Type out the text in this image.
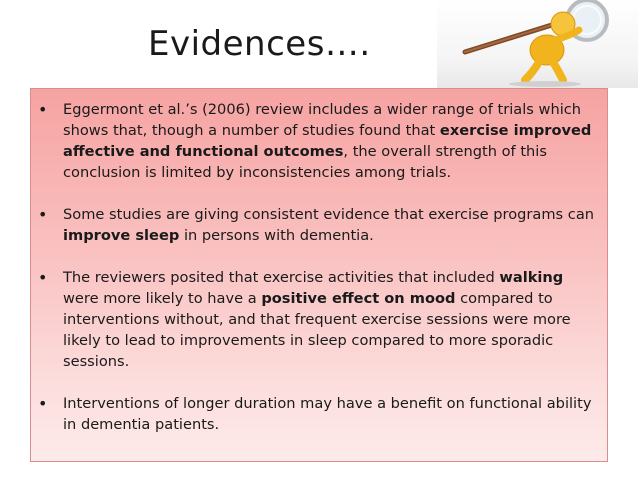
Evidences….
• Eggermont et al.’s (2006) review includes a wider range of trials which shows that, though a number of studies found that exercise improved affective and functional outcomes, the overall strength of this conclusion is limited by inconsistencies among trials.
• Some studies are giving consistent evidence that exercise programs can improve sleep in persons with dementia.
• The reviewers posited that exercise activities that included walking were more likely to have a positive effect on mood compared to interventions without, and that frequent exercise sessions were more likely to lead to improvements in sleep compared to more sporadic sessions.
• Interventions of longer duration may have a benefit on functional ability in dementia patients.
